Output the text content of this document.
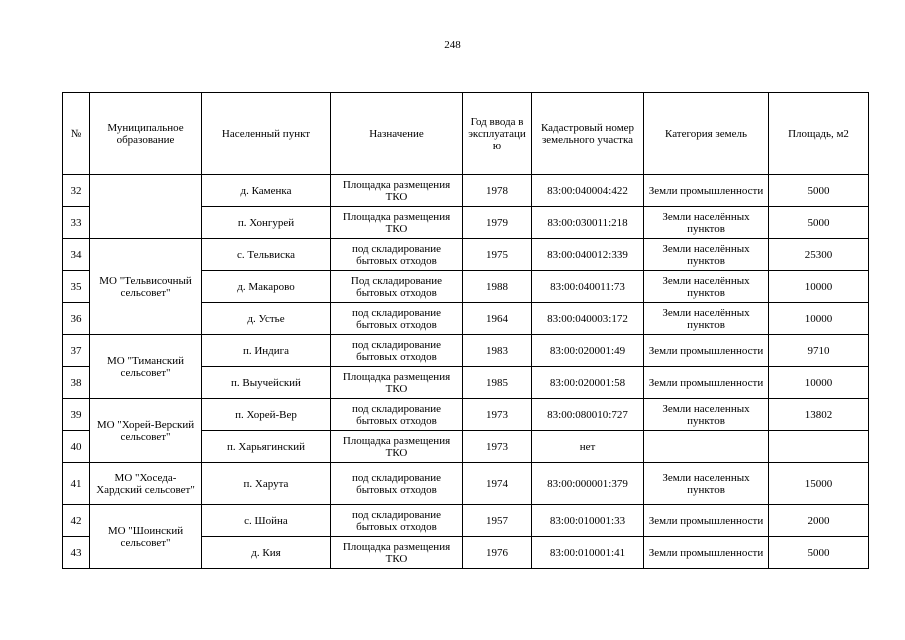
248
№	Муниципальное образование	Населенный пункт	Назначение	Год ввода в эксплуатацию	Кадастровый номер земельного участка	Категория земель	Площадь, м2
32		д. Каменка	Площадка размещения ТКО	1978	83:00:040004:422	Земли промышленности	5000
33		п. Хонгурей	Площадка размещения ТКО	1979	83:00:030011:218	Земли населённых пунктов	5000
34	МО "Тельвисочный сельсовет"	с. Тельвиска	под складирование бытовых отходов	1975	83:00:040012:339	Земли населённых пунктов	25300
35		д. Макарово	Под складирование бытовых отходов	1988	83:00:040011:73	Земли населённых пунктов	10000
36		д. Устье	под складирование бытовых отходов	1964	83:00:040003:172	Земли населённых пунктов	10000
37	МО "Тиманский сельсовет"	п. Индига	под складирование бытовых отходов	1983	83:00:020001:49	Земли промышленности	9710
38		п. Выучейский	Площадка размещения ТКО	1985	83:00:020001:58	Земли промышленности	10000
39	МО "Хорей-Верский сельсовет"	п. Хорей-Вер	под складирование бытовых отходов	1973	83:00:080010:727	Земли населенных пунктов	13802
40		п. Харьягинский	Площадка размещения ТКО	1973	нет		
41	МО "Хоседа-Хардский сельсовет"	п. Харута	под складирование бытовых отходов	1974	83:00:000001:379	Земли населенных пунктов	15000
42	МО "Шоинский сельсовет"	с. Шойна	под складирование бытовых отходов	1957	83:00:010001:33	Земли промышленности	2000
43		д. Кия	Площадка размещения ТКО	1976	83:00:010001:41	Земли промышленности	5000
